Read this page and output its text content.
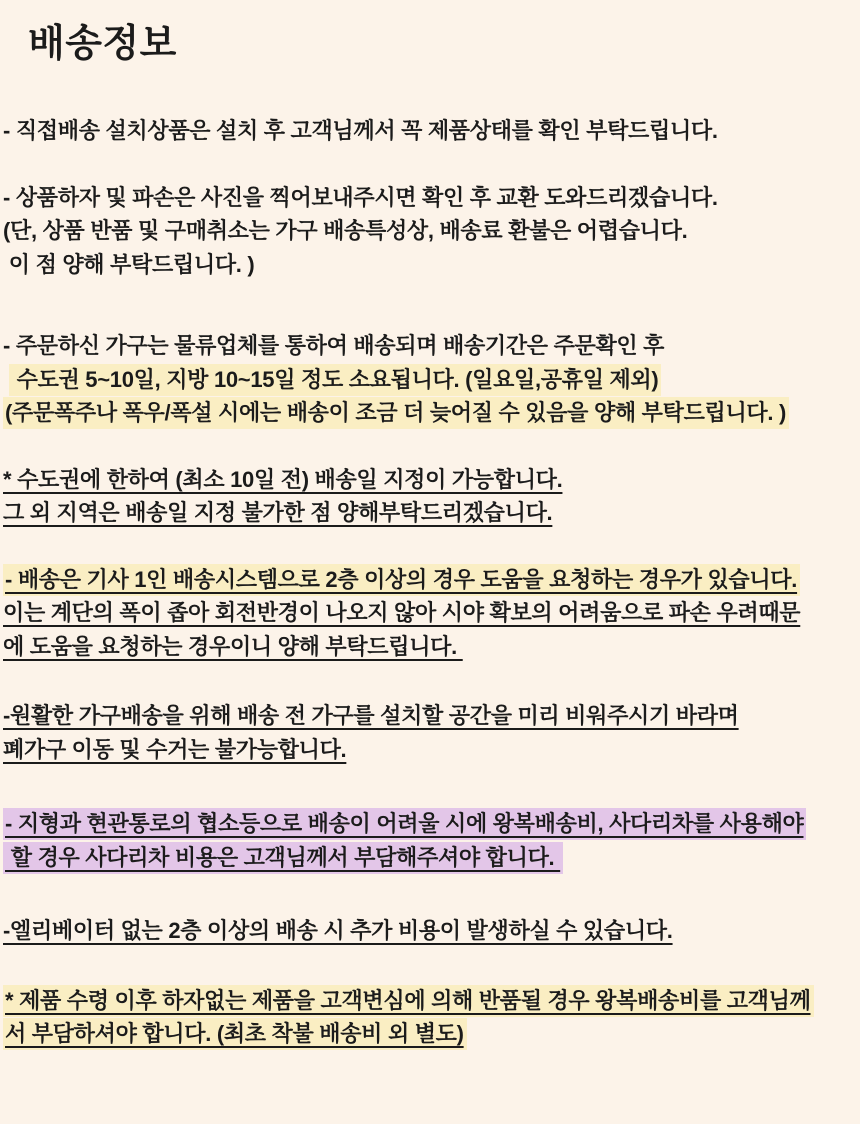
배송정보
- 직접배송 설치상품은 설치 후 고객님께서 꼭 제품상태를 확인 부탁드립니다.
- 상품하자 및 파손은 사진을 찍어보내주시면 확인 후 교환 도와드리겠습니다.
(단, 상품 반품 및 구매취소는 가구 배송특성상, 배송료 환불은 어렵습니다.
이 점 양해 부탁드립니다. )
- 주문하신 가구는 물류업체를 통하여 배송되며 배송기간은 주문확인 후
수도권 5~10일, 지방 10~15일 정도 소요됩니다. (일요일,공휴일 제외)
(주문폭주나 폭우/폭설 시에는 배송이 조금 더 늦어질 수 있음을 양해 부탁드립니다. )
* 수도권에 한하여 (최소 10일 전) 배송일 지정이 가능합니다.
그 외 지역은 배송일 지정 불가한 점 양해부탁드리겠습니다.
- 배송은 기사 1인 배송시스템으로 2층 이상의 경우 도움을 요청하는 경우가 있습니다.
이는 계단의 폭이 좁아 회전반경이 나오지 않아 시야 확보의 어려움으로 파손 우려때문
에 도움을 요청하는 경우이니 양해 부탁드립니다.
-원활한 가구배송을 위해 배송 전 가구를 설치할 공간을 미리 비워주시기 바라며
폐가구 이동 및 수거는 불가능합니다.
- 지형과 현관통로의 협소등으로 배송이 어려울 시에 왕복배송비, 사다리차를 사용해야
할 경우 사다리차 비용은 고객님께서 부담해주셔야 합니다.
-엘리베이터 없는 2층 이상의 배송 시 추가 비용이 발생하실 수 있습니다.
* 제품 수령 이후 하자없는 제품을 고객변심에 의해 반품될 경우 왕복배송비를 고객님께
서 부담하셔야 합니다. (최초 착불 배송비 외 별도)
